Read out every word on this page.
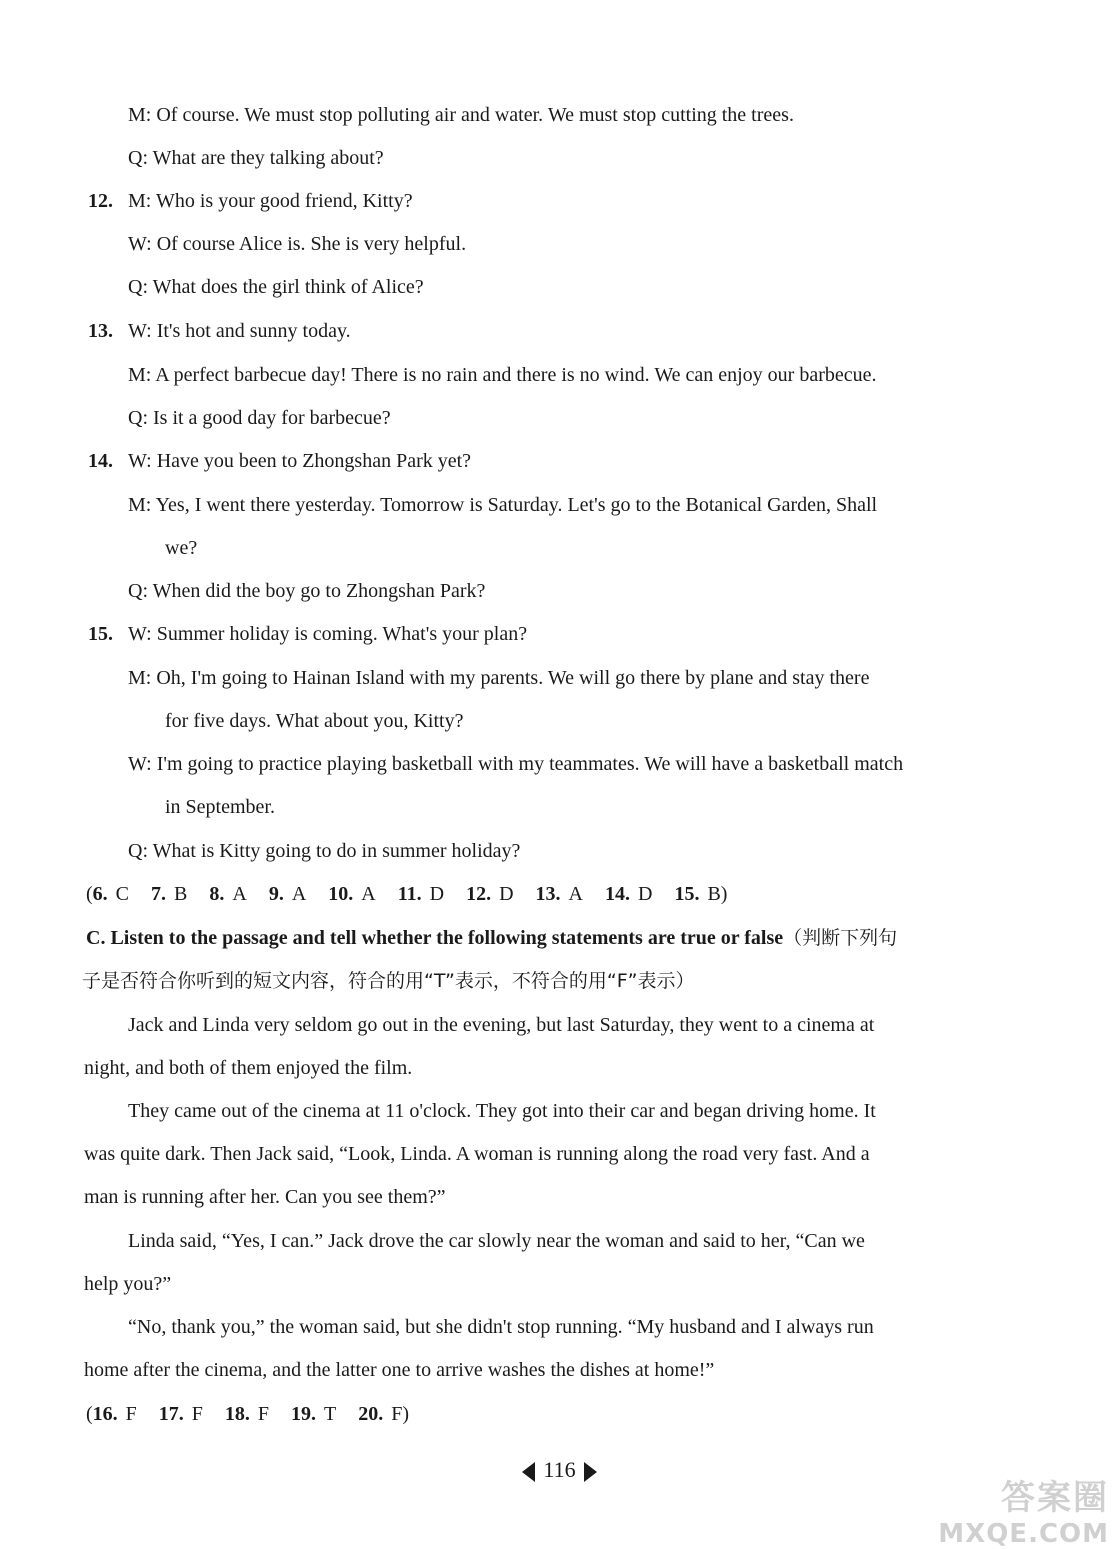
M: Of course. We must stop polluting air and water. We must stop cutting the trees.
Q: What are they talking about?
12. M: Who is your good friend, Kitty?
W: Of course Alice is. She is very helpful.
Q: What does the girl think of Alice?
13. W: It's hot and sunny today.
M: A perfect barbecue day! There is no rain and there is no wind. We can enjoy our barbecue.
Q: Is it a good day for barbecue?
14. W: Have you been to Zhongshan Park yet?
M: Yes, I went there yesterday. Tomorrow is Saturday. Let's go to the Botanical Garden, Shall
we?
Q: When did the boy go to Zhongshan Park?
15. W: Summer holiday is coming. What's your plan?
M: Oh, I'm going to Hainan Island with my parents. We will go there by plane and stay there
for five days. What about you, Kitty?
W: I'm going to practice playing basketball with my teammates. We will have a basketball match
in September.
Q: What is Kitty going to do in summer holiday?
(6. C 7. B 8. A 9. A 10. A 11. D 12. D 13. A 14. D 15. B)
C. Listen to the passage and tell whether the following statements are true or false（判断下列句
子是否符合你听到的短文内容，符合的用“T”表示，不符合的用“F”表示）
Jack and Linda very seldom go out in the evening, but last Saturday, they went to a cinema at
night, and both of them enjoyed the film.
They came out of the cinema at 11 o'clock. They got into their car and began driving home. It
was quite dark. Then Jack said, “Look, Linda. A woman is running along the road very fast. And a
man is running after her. Can you see them?”
Linda said, “Yes, I can.” Jack drove the car slowly near the woman and said to her, “Can we
help you?”
“No, thank you,” the woman said, but she didn't stop running. “My husband and I always run
home after the cinema, and the latter one to arrive washes the dishes at home!”
(16. F 17. F 18. F 19. T 20. F)
116
答案圈
MXQE.COM
